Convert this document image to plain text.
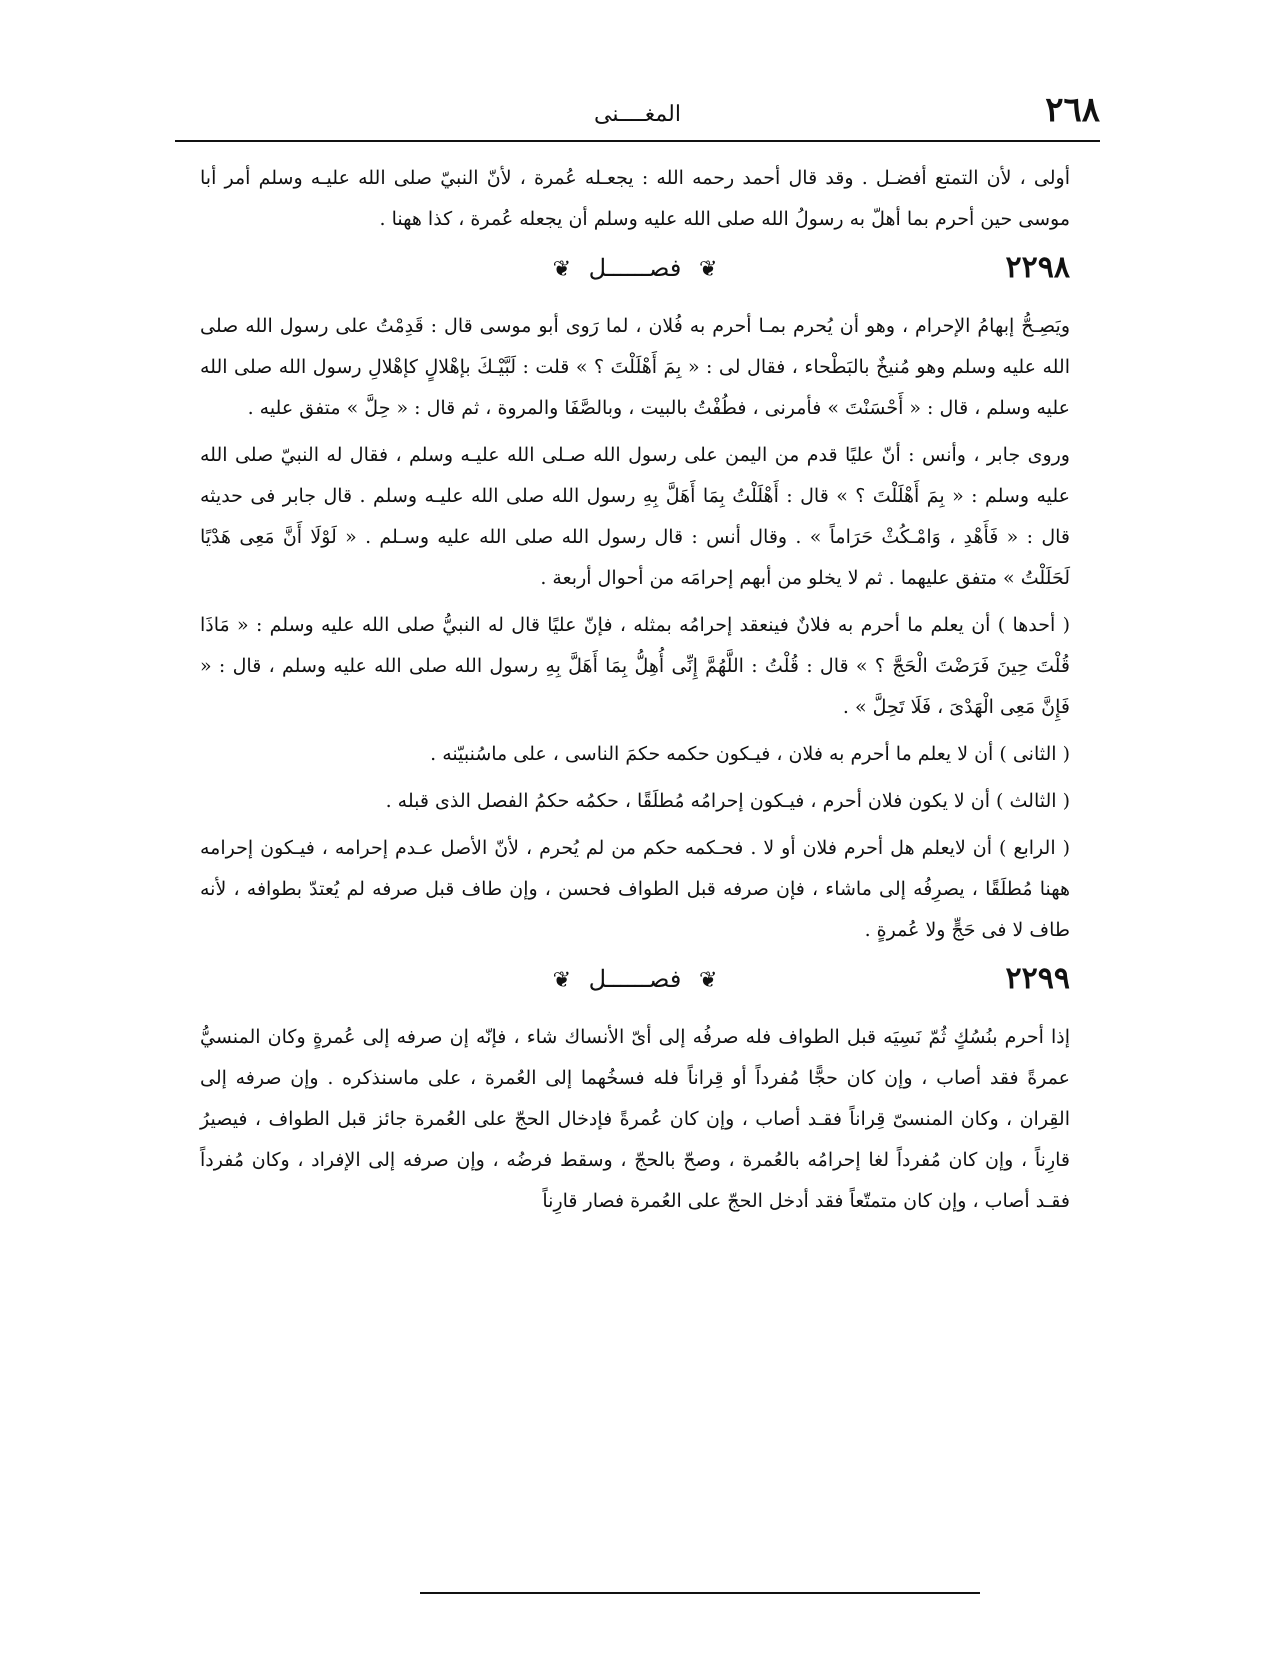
٢٦٨
المغــــنى

أولى ، لأن التمتع أفضـل . وقد قال أحمد رحمه الله : يجعـله عُمرة ، لأنّ النبيّ صلى الله عليـه وسلم أمر أبا موسى حين أحرم بما أهلّ به رسولُ الله صلى الله عليه وسلم أن يجعله عُمرة ، كذا ههنا .

٢٢٩٨
❦ فصــــــل ❦

ويَصِـحُّ إبهامُ الإحرام ، وهو أن يُحرم بمـا أحرم به فُلان ، لما رَوى أبو موسى قال : قَدِمْتُ على رسول الله صلى الله عليه وسلم وهو مُنيخٌ بالبَطْحاء ، فقال لى : « بِمَ أَهْلَلْتَ ؟ » قلت : لَبَّيْـكَ بإهْلالٍ كإهْلالِ رسول الله صلى الله عليه وسلم ، قال : « أَحْسَنْتَ » فأمرنى ، فطُفْتُ بالبيت ، وبالصَّفَا والمروة ، ثم قال : « حِلَّ » متفق عليه .

وروى جابر ، وأنس : أنّ عليًا قدم من اليمن على رسول الله صـلى الله عليـه وسلم ، فقال له النبيّ صلى الله عليه وسلم : « بِمَ أَهْلَلْتَ ؟ » قال : أَهْلَلْتُ بِمَا أَهَلَّ بِهِ رسول الله صلى الله عليـه وسلم . قال جابر فى حديثه قال : « فَأَهْدِ ، وَامْـكُثْ حَرَاماً » . وقال أنس : قال رسول الله صلى الله عليه وسـلم . « لَوْلَا أَنَّ مَعِى هَدْيًا لَحَلَلْتُ » متفق عليهما . ثم لا يخلو من أبهم إحرامَه من أحوال أربعة .

( أحدها ) أن يعلم ما أحرم به فلانٌ فينعقد إحرامُه بمثله ، فإنّ عليًا قال له النبيُّ صلى الله عليه وسلم : « مَاذَا قُلْتَ حِينَ فَرَضْتَ الْحَجَّ ؟ » قال : قُلْتُ : اللَّهُمَّ إِنِّى أُهِلُّ بِمَا أَهَلَّ بِهِ رسول الله صلى الله عليه وسلم ، قال : « فَإِنَّ مَعِى الْهَدْىَ ، فَلَا تَحِلَّ » .

( الثانى ) أن لا يعلم ما أحرم به فلان ، فيـكون حكمه حكمَ الناسى ، على ماسُنبيّنه .

( الثالث ) أن لا يكون فلان أحرم ، فيـكون إحرامُه مُطلَقًا ، حكمُه حكمُ الفصل الذى قبله .

( الرابع ) أن لايعلم هل أحرم فلان أو لا . فحـكمه حكم من لم يُحرم ، لأنّ الأصل عـدم إحرامه ، فيـكون إحرامه ههنا مُطلَقًا ، يصرِفُه إلى ماشاء ، فإن صرفه قبل الطواف فحسن ، وإن طاف قبل صرفه لم يُعتدّ بطوافه ، لأنه طاف لا فى حَجٍّ ولا عُمرةٍ .

٢٢٩٩
❦ فصــــــل ❦

إذا أحرم بنُسُكٍ ثُمّ نَسِيَه قبل الطواف فله صرفُه إلى أىّ الأنساك شاء ، فإنّه إن صرفه إلى عُمرةٍ وكان المنسيُّ عمرةً فقد أصاب ، وإن كان حجًّا مُفرداً أو قِراناً فله فسخُهما إلى العُمرة ، على ماسنذكره . وإن صرفه إلى القِران ، وكان المنسىّ قِراناً فقـد أصاب ، وإن كان عُمرةً فإدخال الحجّ على العُمرة جائز قبل الطواف ، فيصيرُ قارِناً ، وإن كان مُفرداً لغا إحرامُه بالعُمرة ، وصحّ بالحجّ ، وسقط فرضُه ، وإن صرفه إلى الإفراد ، وكان مُفرداً فقـد أصاب ، وإن كان متمتّعاً فقد أدخل الحجّ على العُمرة فصار قارِناً
